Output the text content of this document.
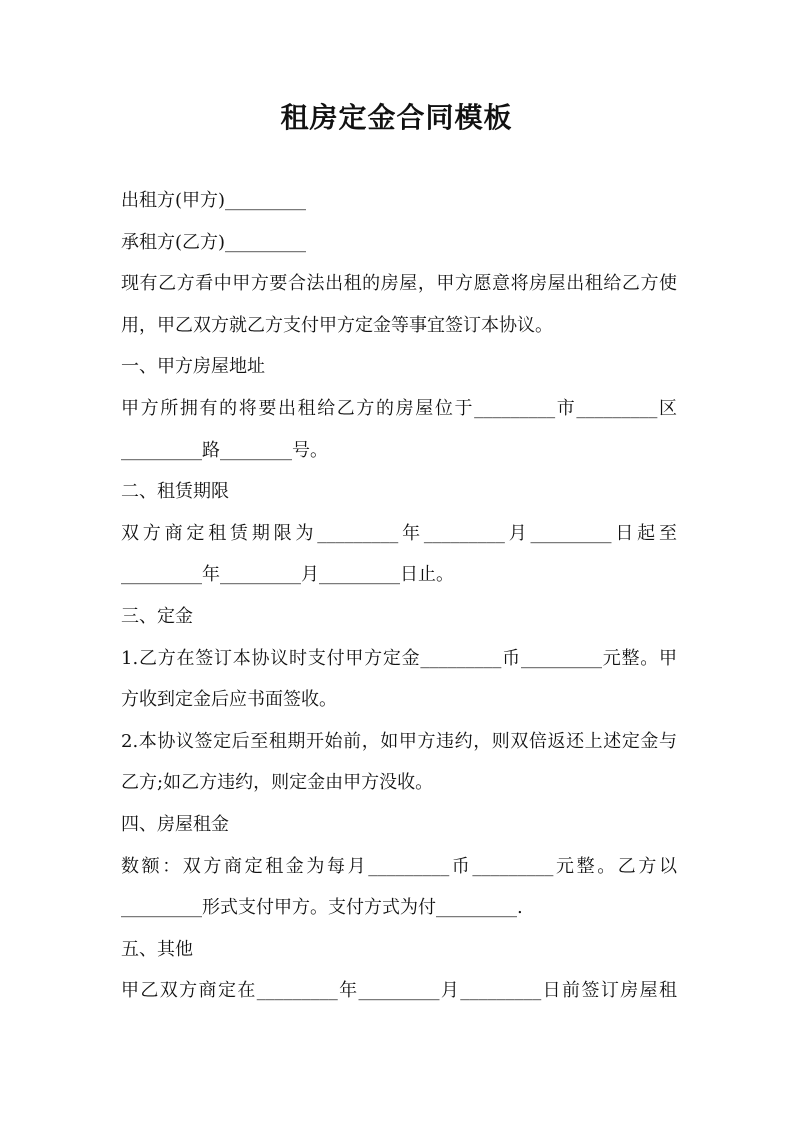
租房定金合同模板
出租方(甲方)_________
承租方(乙方)_________
现有乙方看中甲方要合法出租的房屋，甲方愿意将房屋出租给乙方使
用，甲乙双方就乙方支付甲方定金等事宜签订本协议。
一、甲方房屋地址
甲方所拥有的将要出租给乙方的房屋位于_________市_________区
_________路________号。
二、租赁期限
双方商定租赁期限为_________年_________月_________日起至
_________年_________月_________日止。
三、定金
1.乙方在签订本协议时支付甲方定金_________币_________元整。甲
方收到定金后应书面签收。
2.本协议签定后至租期开始前，如甲方违约，则双倍返还上述定金与
乙方;如乙方违约，则定金由甲方没收。
四、房屋租金
数额：双方商定租金为每月_________币_________元整。乙方以
_________形式支付甲方。支付方式为付_________.
五、其他
甲乙双方商定在_________年_________月_________日前签订房屋租
